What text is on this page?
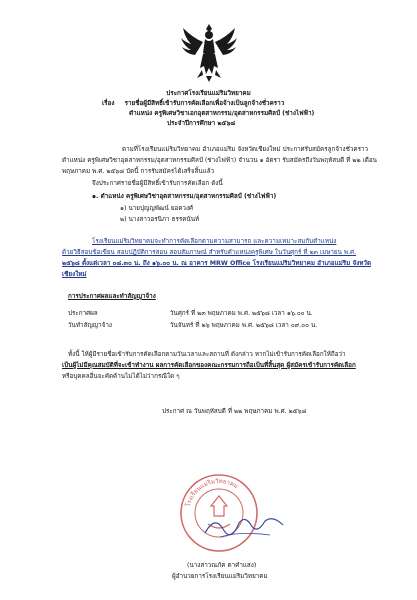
ประกาศโรงเรียนแม่ริมวิทยาคม
เรื่อง รายชื่อผู้มีสิทธิ์เข้ารับการคัดเลือกเพื่อจ้างเป็นลูกจ้างชั่วคราว
ตำแหน่ง ครูพิเศษวิชาเอกอุตสาหกรรม/อุตสาหกรรมศิลป์ (ช่างไฟฟ้า)
ประจำปีการศึกษา ๒๕๖๘
ตามที่โรงเรียนแม่ริมวิทยาคม อำเภอแม่ริม จังหวัดเชียงใหม่ ประกาศรับสมัครลูกจ้างชั่วคราว
ตำแหน่ง ครูพิเศษวิชาอุตสาหกรรม/อุตสาหกรรมศิลป์ (ช่างไฟฟ้า) จำนวน ๑ อัตรา รับสมัครถึงวันพฤหัสบดี ที่ ๒๒ เดือน
พฤษภาคม พ.ศ. ๒๕๖๘ บัดนี้ การรับสมัครได้เสร็จสิ้นแล้ว
จึงประกาศรายชื่อผู้มีสิทธิ์เข้ารับการคัดเลือก ดังนี้
๑. ตำแหน่ง ครูพิเศษวิชาอุตสาหกรรม/อุตสาหกรรมศิลป์ (ช่างไฟฟ้า)
๑) นายปุญญพัฒน์ ยอดวงศ์
๒) นางสาวอรนิภา ธรรคนันท์
โรงเรียนแม่ริมวิทยาคมจะทำการคัดเลือกตามความสามารถ และความเหมาะสมกับตำแหน่ง
ด้วยวิธีสอบข้อเขียน สอบปฏิบัติการสอน สอบสัมภาษณ์ สำหรับตำแหน่งครูพิเศษ ในวันศุกร์ ที่ ๒๓ เมษายน พ.ศ.
๒๕๖๘ ตั้งแต่เวลา ๐๘.๓๐ น. ถึง ๑๖.๐๐ น. ณ อาคาร MRW Office โรงเรียนแม่ริมวิทยาคม อำเภอแม่ริม จังหวัด
เชียงใหม่
การประกาศผลและทำสัญญาจ้าง
ประกาศผล	วันศุกร์ ที่ ๒๓ พฤษภาคม พ.ศ. ๒๕๖๘ เวลา ๑๖.๐๐ น.
วันทำสัญญาจ้าง	วันจันทร์ ที่ ๒๖ พฤษภาคม พ.ศ. ๒๕๖๘ เวลา ๐๙.๐๐ น.
ทั้งนี้ ให้ผู้มีรายชื่อเข้ารับการคัดเลือกตามวันเวลาและสถานที่ ดังกล่าว หากไม่เข้ารับการคัดเลือกให้ถือว่า
เป็นผู้ไม่มีคุณสมบัติที่จะเข้าทำงาน ผลการคัดเลือกของคณะกรรมการถือเป็นที่สิ้นสุด ผู้สมัครเข้ารับการคัดเลือก
หรือบุคคลอื่นจะคัดค้านไม่ได้ไม่ว่ากรณีใด ๆ
ประกาศ ณ วันพฤหัสบดี ที่ ๒๒ พฤษภาคม พ.ศ. ๒๕๖๘
โรงเรียนแม่ริมวิทยาคม
(นางสาวณภัค ตาคำแสง)
ผู้อำนวยการโรงเรียนแม่ริมวิทยาคม
